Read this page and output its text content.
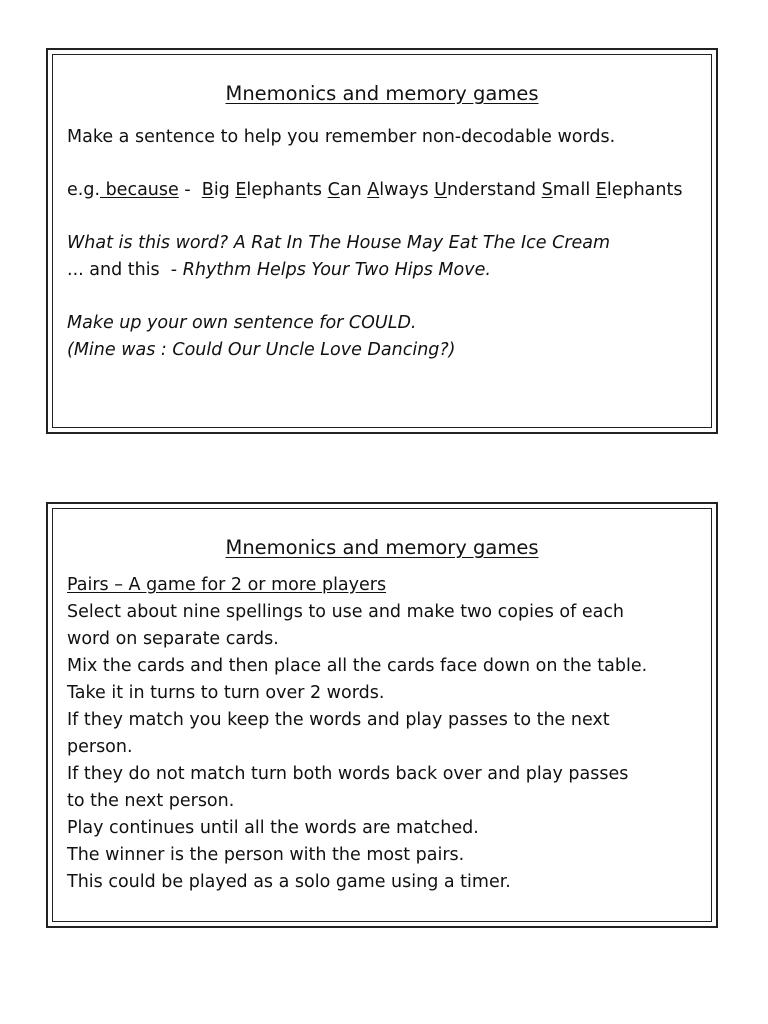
Mnemonics and memory games

Make a sentence to help you remember non-decodable words.

e.g. because -  Big Elephants Can Always Understand Small Elephants

What is this word? A Rat In The House May Eat The Ice Cream
... and this  - Rhythm Helps Your Two Hips Move.

Make up your own sentence for COULD.
(Mine was : Could Our Uncle Love Dancing?)

Mnemonics and memory games

Pairs – A game for 2 or more players

Select about nine spellings to use and make two copies of each

word on separate cards.

Mix the cards and then place all the cards face down on the table.

Take it in turns to turn over 2 words.

If they match you keep the words and play passes to the next

person.

If they do not match turn both words back over and play passes

to the next person.

Play continues until all the words are matched.

The winner is the person with the most pairs.

This could be played as a solo game using a timer.
